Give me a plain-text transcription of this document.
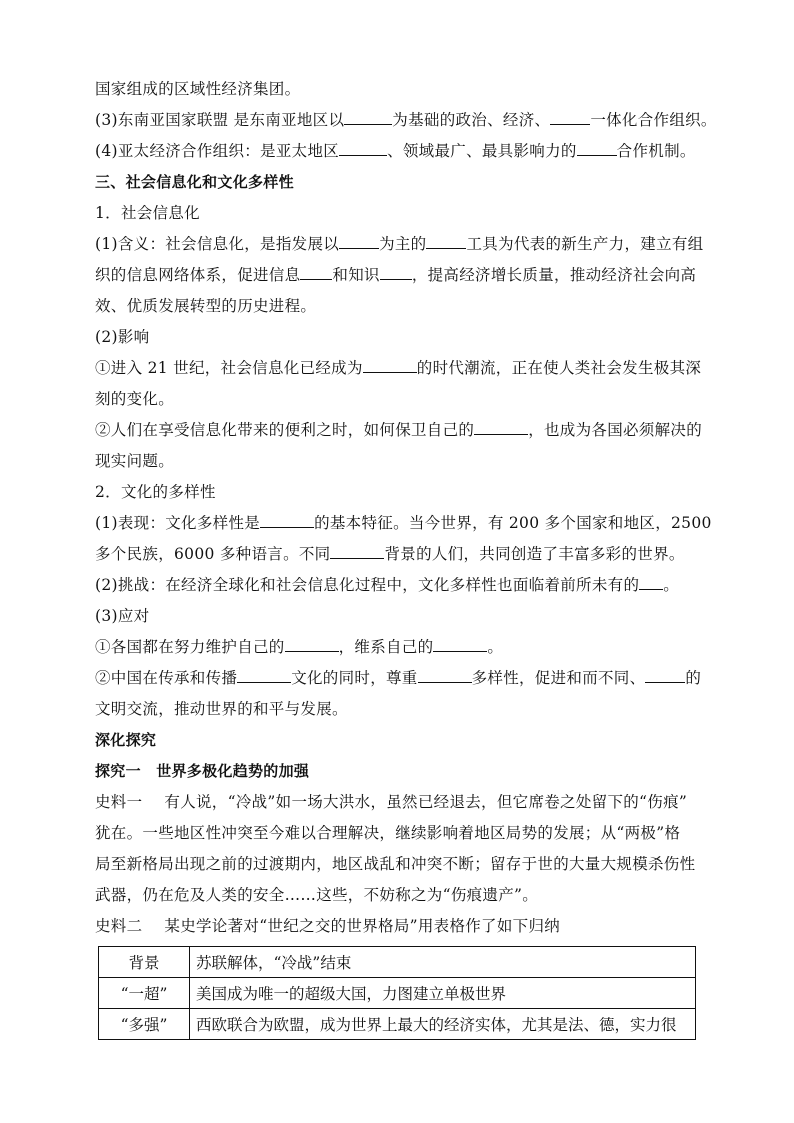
国家组成的区域性经济集团。
(3)东南亚国家联盟 是东南亚地区以	为基础的政治、经济、	一体化合作组织。
(4)亚太经济合作组织：是亚太地区	、领域最广、最具影响力的	合作机制。
三、社会信息化和文化多样性
1．社会信息化
(1)含义：社会信息化，是指发展以	为主的	工具为代表的新生产力，建立有组
织的信息网络体系，促进信息 和知识 ，提高经济增长质量，推动经济社会向高
效、优质发展转型的历史进程。
(2)影响
①进入 21 世纪，社会信息化已经成为	的时代潮流，正在使人类社会发生极其深
刻的变化。
②人们在享受信息化带来的便利之时，如何保卫自己的	，也成为各国必须解决的
现实问题。
2．文化的多样性
(1)表现：文化多样性是	的基本特征。当今世界，有 200 多个国家和地区，2500
多个民族，6000 多种语言。不同	背景的人们，共同创造了丰富多彩的世界。
(2)挑战：在经济全球化和社会信息化过程中，文化多样性也面临着前所未有的 。
(3)应对
①各国都在努力维护自己的	，维系自己的	。
②中国在传承和传播	文化的同时，尊重	多样性，促进和而不同、	的
文明交流，推动世界的和平与发展。
深化探究
探究一　世界多极化趋势的加强
史料一 有人说，“冷战”如一场大洪水，虽然已经退去，但它席卷之处留下的“伤痕”
犹在。一些地区性冲突至今难以合理解决，继续影响着地区局势的发展；从“两极”格
局至新格局出现之前的过渡期内，地区战乱和冲突不断；留存于世的大量大规模杀伤性
武器，仍在危及人类的安全……这些，不妨称之为“伤痕遗产”。
史料二 某史学论著对“世纪之交的世界格局”用表格作了如下归纳
背景	苏联解体，“冷战”结束
“一超”	美国成为唯一的超级大国，力图建立单极世界
“多强”	西欧联合为欧盟，成为世界上最大的经济实体，尤其是法、德，实力很
